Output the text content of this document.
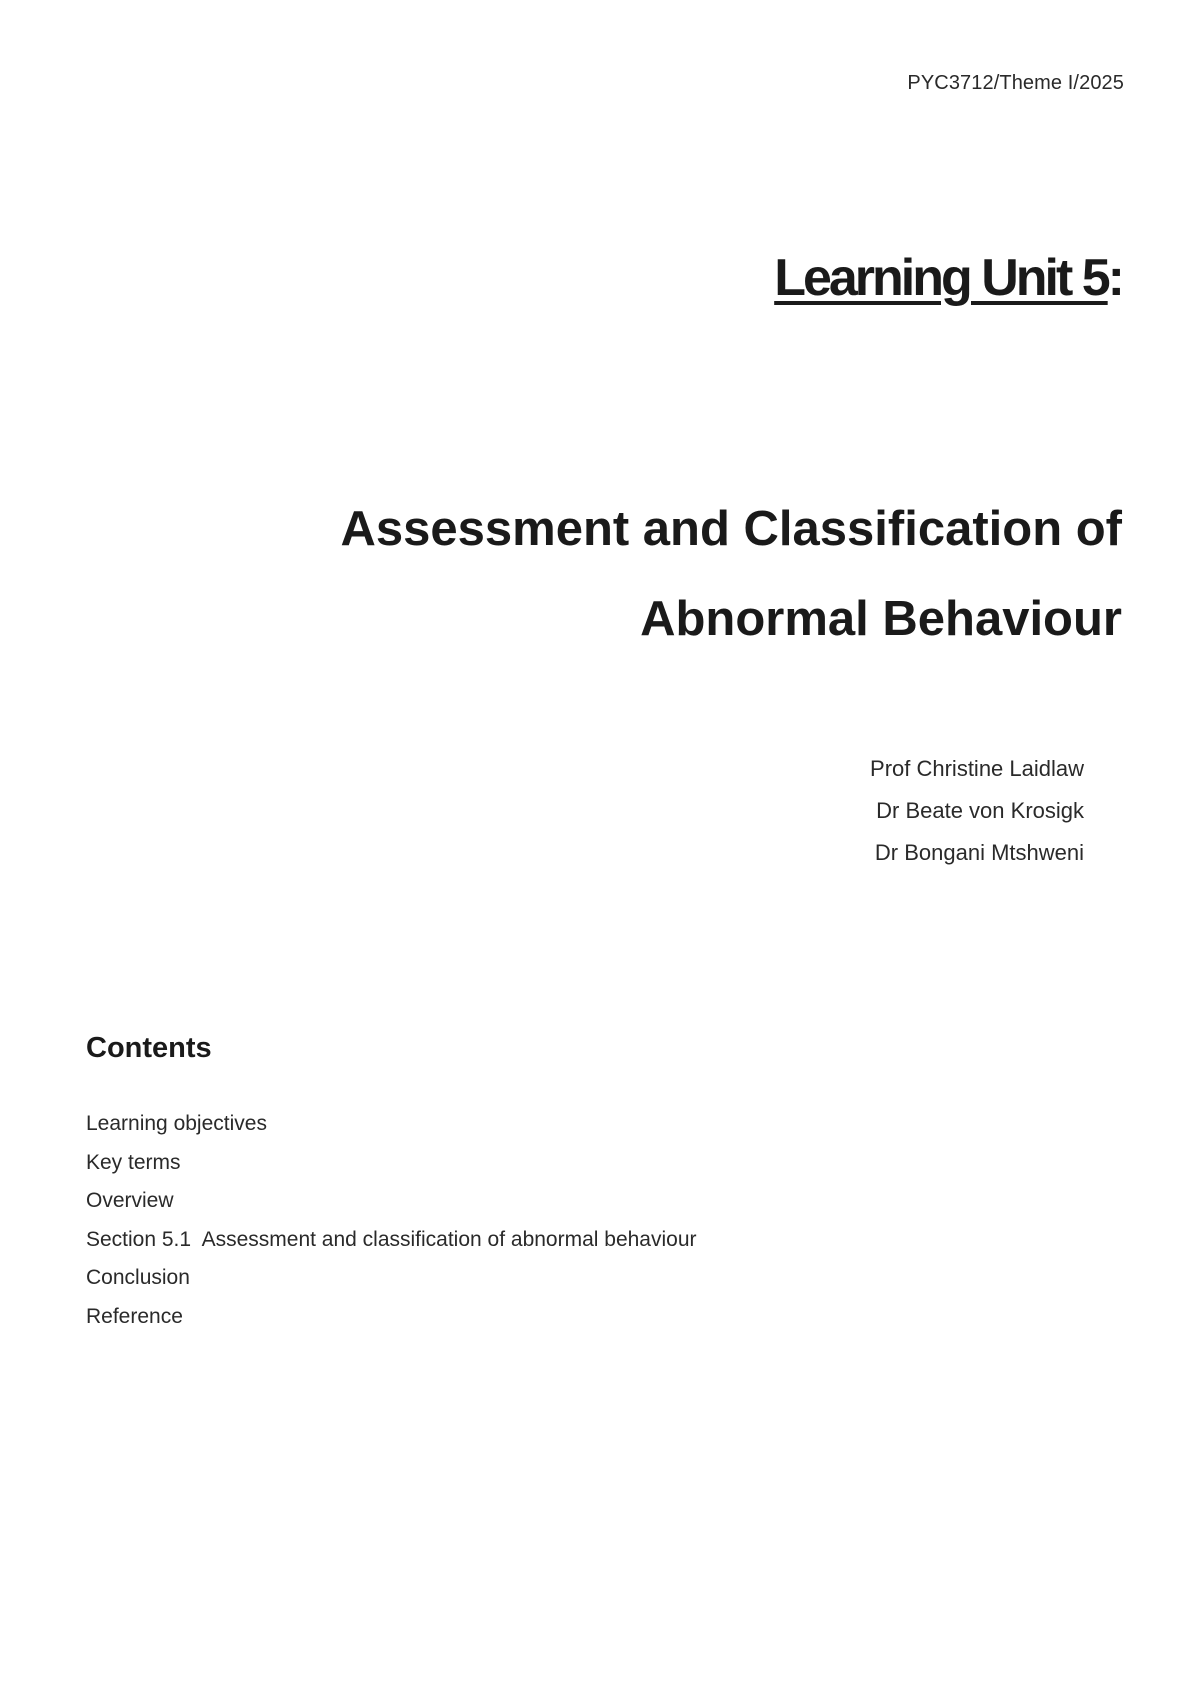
PYC3712/Theme I/2025
Learning Unit 5:
Assessment and Classification of
Abnormal Behaviour
Prof Christine Laidlaw
Dr Beate von Krosigk
Dr Bongani Mtshweni
Contents
Learning objectives
Key terms
Overview
Section 5.1  Assessment and classification of abnormal behaviour
Conclusion
Reference
